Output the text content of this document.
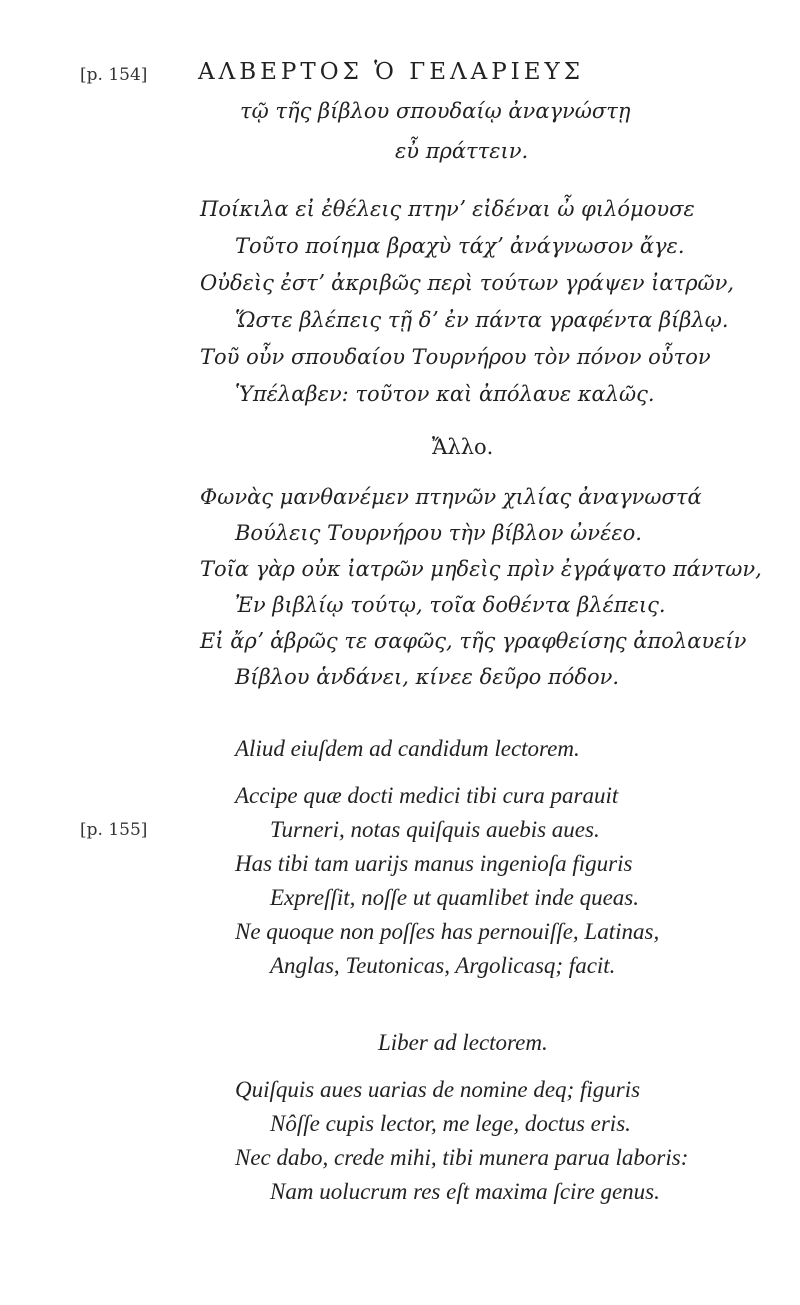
[p. 154]
[p. 155]
ΑΛΒΕΡΤΟΣ Ὁ ΓΕΛΑΡΙΕΥΣ
τῷ τῆς βίβλου σπουδαίῳ ἀναγνώστῃ
εὖ πράττειν.
Ποίκιλα εἰ ἐθέλεις πτηνʼ εἰδέναι ὦ φιλόμουσε
Τοῦτο ποίημα βραχὺ τάχʼ ἀνάγνωσον ἄγε.
Οὐδεὶς ἐστʼ ἀκριβῶς περὶ τούτων γράψεν ἰατρῶν,
Ὥστε βλέπεις τῇ δʼ ἐν πάντα γραφέντα βίβλῳ.
Τοῦ οὖν σπουδαίου Τουρνήρου τὸν πόνον οὗτον
Ὑπέλαβεν: τοῦτον καὶ ἀπόλαυε καλῶς.
Ἄλλο.
Φωνὰς μανθανέμεν πτηνῶν χιλίας ἀναγνωστά
Βούλεις Τουρνήρου τὴν βίβλον ὠνέεο.
Τοῖα γὰρ οὐκ ἰατρῶν μηδεὶς πρὶν ἐγράψατο πάντων,
Ἐν βιβλίῳ τούτῳ, τοῖα δοθέντα βλέπεις.
Εἰ ἄρʼ ἁβρῶς τε σαφῶς, τῆς γραφθείσης ἀπολαυείν
Βίβλου ἁνδάνει, κίνεε δεῦρο πόδον.
Aliud eiuſdem ad candidum lectorem.
Accipe quæ docti medici tibi cura parauit
Turneri, notas quiſquis auebis aues.
Has tibi tam uarijs manus ingenioſa figuris
Expreſſit, noſſe ut quamlibet inde queas.
Ne quoque non poſſes has pernouiſſe, Latinas,
Anglas, Teutonicas, Argolicasq; facit.
Liber ad lectorem.
Quiſquis aues uarias de nomine deq; figuris
Nôſſe cupis lector, me lege, doctus eris.
Nec dabo, crede mihi, tibi munera parua laboris:
Nam uolucrum res eſt maxima ſcire genus.
